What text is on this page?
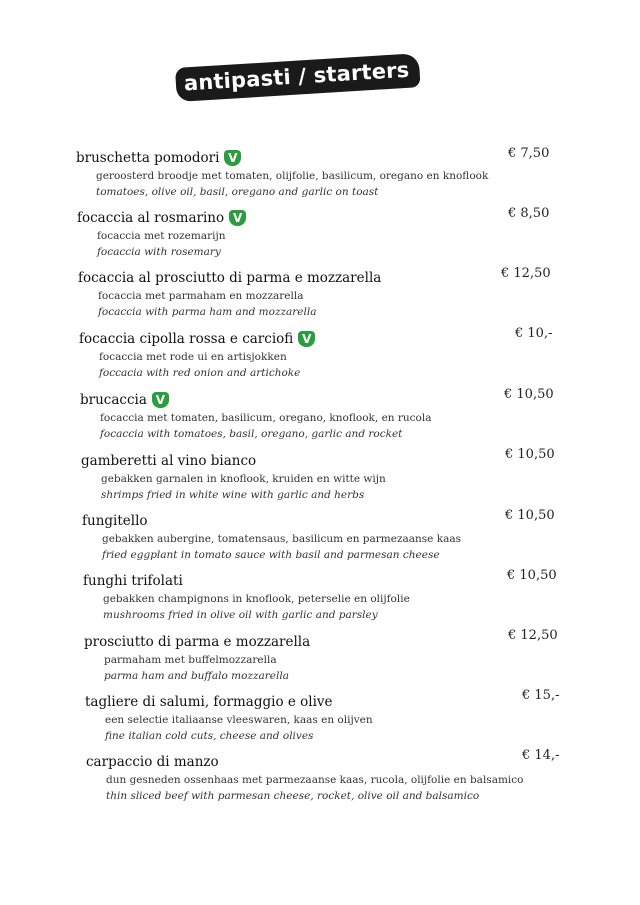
antipasti / starters
bruschetta pomodori V
geroosterd broodje met tomaten, olijfolie, basilicum, oregano en knoflook
tomatoes, olive oil, basil, oregano and garlic on toast
€ 7,50
focaccia al rosmarino V
focaccia met rozemarijn
focaccia with rosemary
€ 8,50
focaccia al prosciutto di parma e mozzarella
focaccia met parmaham en mozzarella
focaccia with parma ham and mozzarella
€ 12,50
focaccia cipolla rossa e carciofi V
focaccia met rode ui en artisjokken
foccacia with red onion and artichoke
€ 10,-
brucaccia V
focaccia met tomaten, basilicum, oregano, knoflook, en rucola
focaccia with tomatoes, basil, oregano, garlic and rocket
€ 10,50
gamberetti al vino bianco
gebakken garnalen in knoflook, kruiden en witte wijn
shrimps fried in white wine with garlic and herbs
€ 10,50
fungitello
gebakken aubergine, tomatensaus, basilicum en parmezaanse kaas
fried eggplant in tomato sauce with basil and parmesan cheese
€ 10,50
funghi trifolati
gebakken champignons in knoflook, peterselie en olijfolie
mushrooms fried in olive oil with garlic and parsley
€ 10,50
prosciutto di parma e mozzarella
parmaham met buffelmozzarella
parma ham and buffalo mozzarella
€ 12,50
tagliere di salumi, formaggio e olive
een selectie italiaanse vleeswaren, kaas en olijven
fine italian cold cuts, cheese and olives
€ 15,-
carpaccio di manzo
dun gesneden ossenhaas met parmezaanse kaas, rucola, olijfolie en balsamico
thin sliced beef with parmesan cheese, rocket, olive oil and balsamico
€ 14,-
